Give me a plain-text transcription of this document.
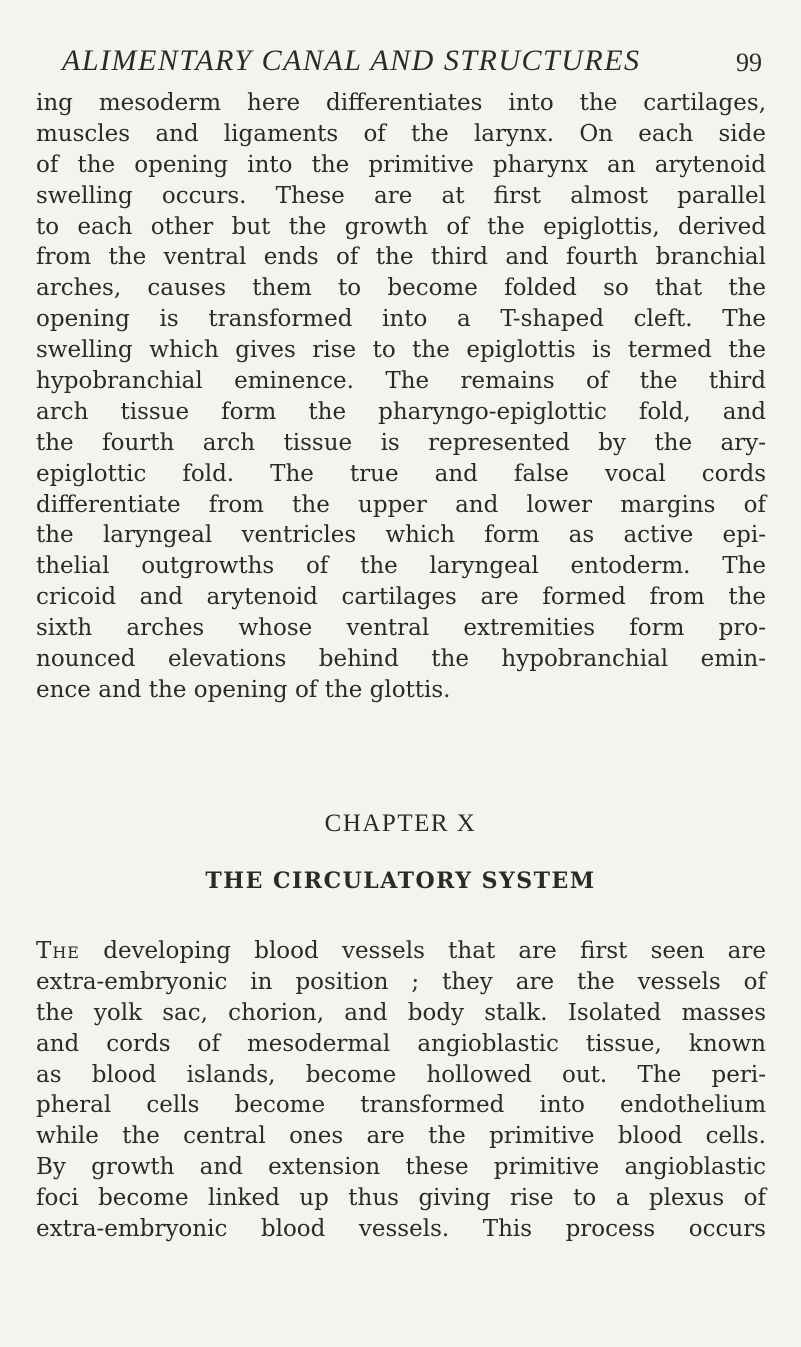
ALIMENTARY CANAL AND STRUCTURES	99

ing mesoderm here differentiates into the cartilages,
muscles and ligaments of the larynx. On each side
of the opening into the primitive pharynx an arytenoid
swelling occurs. These are at first almost parallel
to each other but the growth of the epiglottis, derived
from the ventral ends of the third and fourth branchial
arches, causes them to become folded so that the
opening is transformed into a T-shaped cleft. The
swelling which gives rise to the epiglottis is termed the
hypobranchial eminence. The remains of the third
arch tissue form the pharyngo-epiglottic fold, and
the fourth arch tissue is represented by the ary-
epiglottic fold. The true and false vocal cords
differentiate from the upper and lower margins of
the laryngeal ventricles which form as active epi-
thelial outgrowths of the laryngeal entoderm. The
cricoid and arytenoid cartilages are formed from the
sixth arches whose ventral extremities form pro-
nounced elevations behind the hypobranchial emin-
ence and the opening of the glottis.

CHAPTER X
THE CIRCULATORY SYSTEM

The developing blood vessels that are first seen are
extra-embryonic in position ; they are the vessels of
the yolk sac, chorion, and body stalk. Isolated masses
and cords of mesodermal angioblastic tissue, known
as blood islands, become hollowed out. The peri-
pheral cells become transformed into endothelium
while the central ones are the primitive blood cells.
By growth and extension these primitive angioblastic
foci become linked up thus giving rise to a plexus of
extra-embryonic blood vessels. This process occurs
